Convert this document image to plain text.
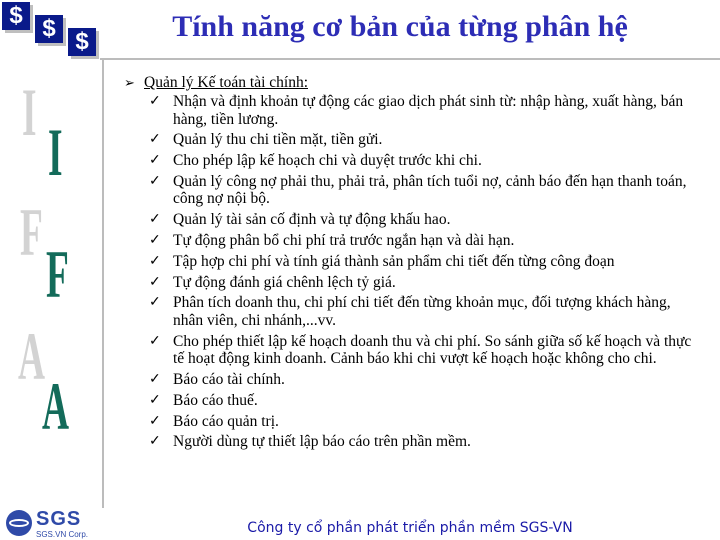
$ $ $	Tính năng cơ bản của từng phân hệ
I
I
F
F
A
A
➢ Quản lý Kế toán tài chính:
✓ Nhận và định khoản tự động các giao dịch phát sinh từ: nhập hàng, xuất hàng, bán hàng, tiền lương.
✓ Quản lý thu chi tiền mặt, tiền gửi.
✓ Cho phép lập kế hoạch chi và duyệt trước khi chi.
✓ Quản lý công nợ phải thu, phải trả, phân tích tuổi nợ, cảnh báo đến hạn thanh toán, công nợ nội bộ.
✓ Quản lý tài sản cố định và tự động khấu hao.
✓ Tự động phân bổ chi phí trả trước ngắn hạn và dài hạn.
✓ Tập hợp chi phí và tính giá thành sản phẩm chi tiết đến từng công đoạn
✓ Tự động đánh giá chênh lệch tỷ giá.
✓ Phân tích doanh thu, chi phí chi tiết đến từng khoản mục, đối tượng khách hàng, nhân viên, chi nhánh,...vv.
✓ Cho phép thiết lập kế hoạch doanh thu và chi phí. So sánh giữa số kế hoạch và thực tế hoạt động kinh doanh. Cảnh báo khi chi vượt kế hoạch hoặc không cho chi.
✓ Báo cáo tài chính.
✓ Báo cáo thuế.
✓ Báo cáo quản trị.
✓ Người dùng tự thiết lập báo cáo trên phần mềm.
SGS
SGS.VN Corp.	Công ty cổ phần phát triển phần mềm SGS-VN
